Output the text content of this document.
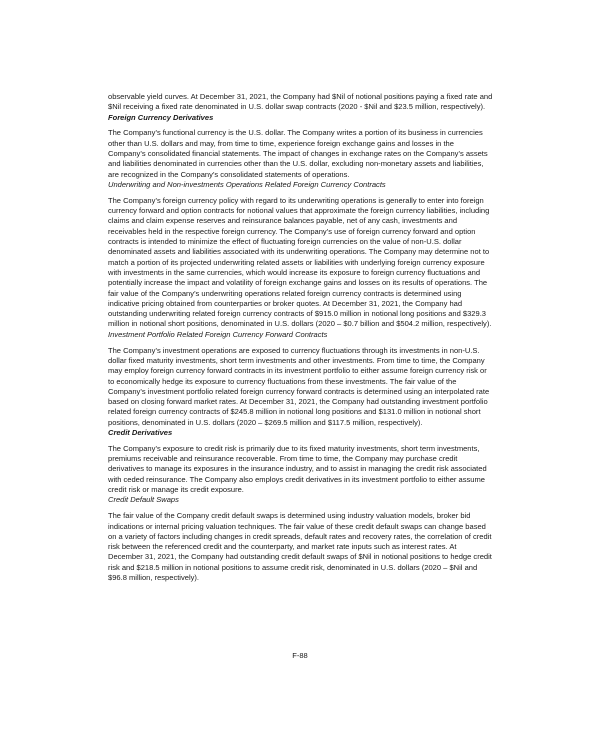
observable yield curves. At December 31, 2021, the Company had $Nil of notional positions paying a fixed rate and $Nil receiving a fixed rate denominated in U.S. dollar swap contracts (2020 - $Nil and $23.5 million, respectively).

Foreign Currency Derivatives

The Company’s functional currency is the U.S. dollar. The Company writes a portion of its business in currencies other than U.S. dollars and may, from time to time, experience foreign exchange gains and losses in the Company’s consolidated financial statements. The impact of changes in exchange rates on the Company’s assets and liabilities denominated in currencies other than the U.S. dollar, excluding non-monetary assets and liabilities, are recognized in the Company’s consolidated statements of operations.

Underwriting and Non-investments Operations Related Foreign Currency Contracts

The Company’s foreign currency policy with regard to its underwriting operations is generally to enter into foreign currency forward and option contracts for notional values that approximate the foreign currency liabilities, including claims and claim expense reserves and reinsurance balances payable, net of any cash, investments and receivables held in the respective foreign currency. The Company’s use of foreign currency forward and option contracts is intended to minimize the effect of fluctuating foreign currencies on the value of non-U.S. dollar denominated assets and liabilities associated with its underwriting operations. The Company may determine not to match a portion of its projected underwriting related assets or liabilities with underlying foreign currency exposure with investments in the same currencies, which would increase its exposure to foreign currency fluctuations and potentially increase the impact and volatility of foreign exchange gains and losses on its results of operations. The fair value of the Company’s underwriting operations related foreign currency contracts is determined using indicative pricing obtained from counterparties or broker quotes. At December 31, 2021, the Company had outstanding underwriting related foreign currency contracts of $915.0 million in notional long positions and $329.3 million in notional short positions, denominated in U.S. dollars (2020 – $0.7 billion and $504.2 million, respectively).

Investment Portfolio Related Foreign Currency Forward Contracts

The Company’s investment operations are exposed to currency fluctuations through its investments in non-U.S. dollar fixed maturity investments, short term investments and other investments. From time to time, the Company may employ foreign currency forward contracts in its investment portfolio to either assume foreign currency risk or to economically hedge its exposure to currency fluctuations from these investments. The fair value of the Company’s investment portfolio related foreign currency forward contracts is determined using an interpolated rate based on closing forward market rates. At December 31, 2021, the Company had outstanding investment portfolio related foreign currency contracts of $245.8 million in notional long positions and $131.0 million in notional short positions, denominated in U.S. dollars (2020 – $269.5 million and $117.5 million, respectively).

Credit Derivatives

The Company’s exposure to credit risk is primarily due to its fixed maturity investments, short term investments, premiums receivable and reinsurance recoverable. From time to time, the Company may purchase credit derivatives to manage its exposures in the insurance industry, and to assist in managing the credit risk associated with ceded reinsurance. The Company also employs credit derivatives in its investment portfolio to either assume credit risk or manage its credit exposure.

Credit Default Swaps

The fair value of the Company credit default swaps is determined using industry valuation models, broker bid indications or internal pricing valuation techniques. The fair value of these credit default swaps can change based on a variety of factors including changes in credit spreads, default rates and recovery rates, the correlation of credit risk between the referenced credit and the counterparty, and market rate inputs such as interest rates. At December 31, 2021, the Company had outstanding credit default swaps of $Nil in notional positions to hedge credit risk and $218.5 million in notional positions to assume credit risk, denominated in U.S. dollars (2020 – $Nil and $96.8 million, respectively).

F-88
